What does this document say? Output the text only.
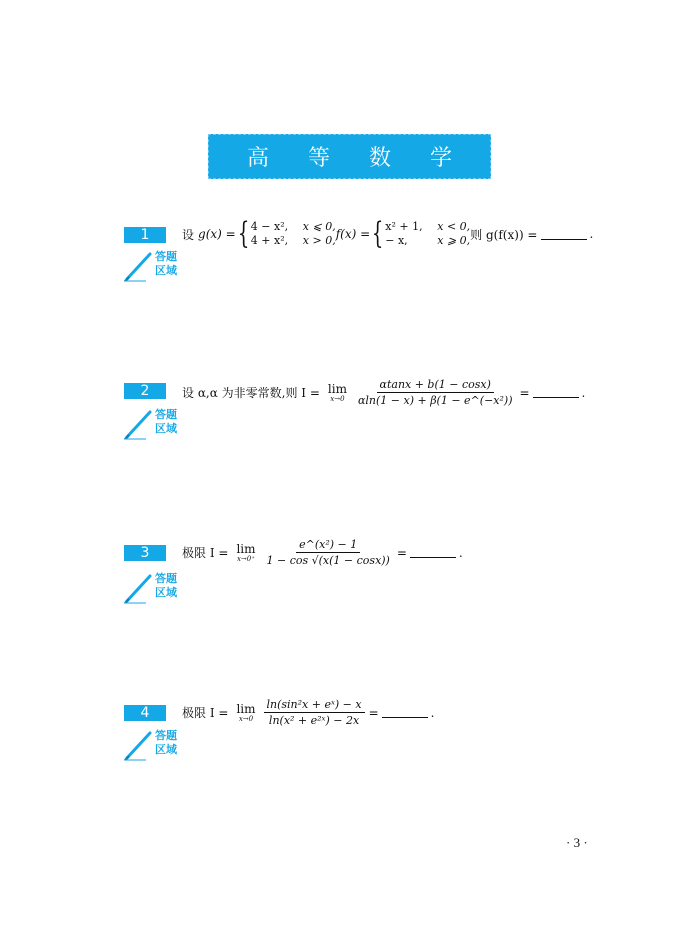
高 等 数 学
1
答题
区域
设 g(x) = { 4 − x²,	x ⩽ 0,
4 + x²,	x > 0, f(x) = { x² + 1,	x < 0,
− x,	x ⩾ 0, 则 g(f(x)) =	.
2
答题
区域
设 α,α 为非零常数,则 I = lim
$x\to 0 \frac{\alpha\tan x + b(1 - \cos x)}{\text{αln(1 − x) + β(1 − e\textasciicircum{}(−x²))}}$ =	.
3
答题
区域
极限 I = lim
$x\to 0^+ \frac{\text{e\textasciicircum{}(x²) − 1}}{1 - \cos √(x(1 - \cos x))}$ =	.
4
答题
区域
极限 I = lim
$x\to 0 \frac{\text{ln(sin²x + eˣ) − x}}{\text{ln(x² + e²ˣ) − 2x}}$ =	.
· 3 ·
